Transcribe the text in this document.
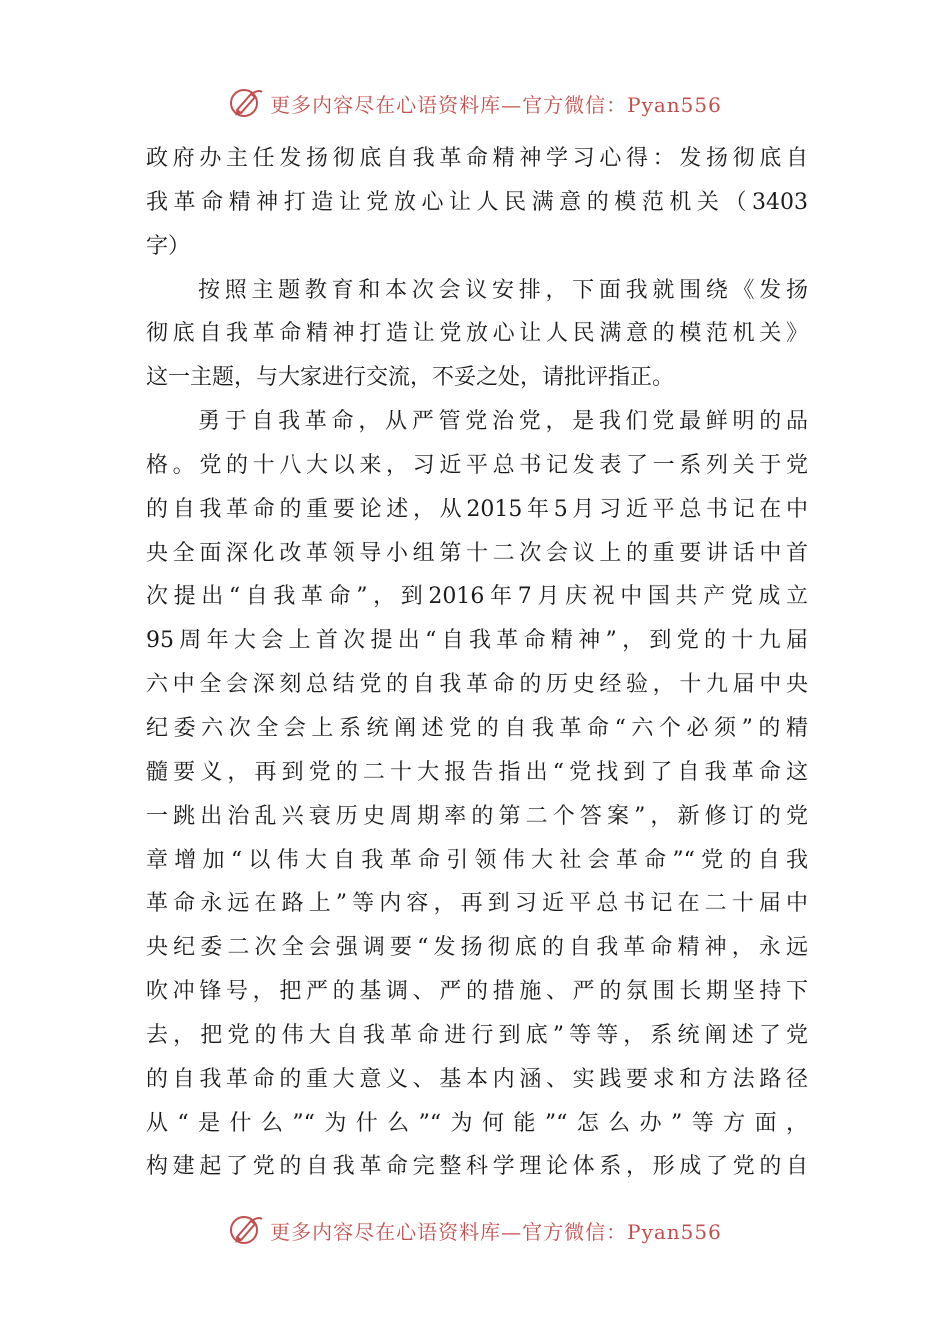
更多内容尽在心语资料库—官方微信：Pyan556
政府办主任发扬彻底自我革命精神学习心得：发扬彻底自
我革命精神打造让党放心让人民满意的模范机关（3403
字）
按照主题教育和本次会议安排，下面我就围绕《发扬
彻底自我革命精神打造让党放心让人民满意的模范机关》
这一主题，与大家进行交流，不妥之处，请批评指正。
勇于自我革命，从严管党治党，是我们党最鲜明的品
格。党的十八大以来，习近平总书记发表了一系列关于党
的自我革命的重要论述，从2015年5月习近平总书记在中
央全面深化改革领导小组第十二次会议上的重要讲话中首
次提出“自我革命”，到2016年7月庆祝中国共产党成立
95周年大会上首次提出“自我革命精神”，到党的十九届
六中全会深刻总结党的自我革命的历史经验，十九届中央
纪委六次全会上系统阐述党的自我革命“六个必须”的精
髓要义，再到党的二十大报告指出“党找到了自我革命这
一跳出治乱兴衰历史周期率的第二个答案”，新修订的党
章增加“以伟大自我革命引领伟大社会革命”“党的自我
革命永远在路上”等内容，再到习近平总书记在二十届中
央纪委二次全会强调要“发扬彻底的自我革命精神，永远
吹冲锋号，把严的基调、严的措施、严的氛围长期坚持下
去，把党的伟大自我革命进行到底”等等，系统阐述了党
的自我革命的重大意义、基本内涵、实践要求和方法路径
从“是什么”“为什么”“为何能”“怎么办”等方面，
构建起了党的自我革命完整科学理论体系，形成了党的自
更多内容尽在心语资料库—官方微信：Pyan556
